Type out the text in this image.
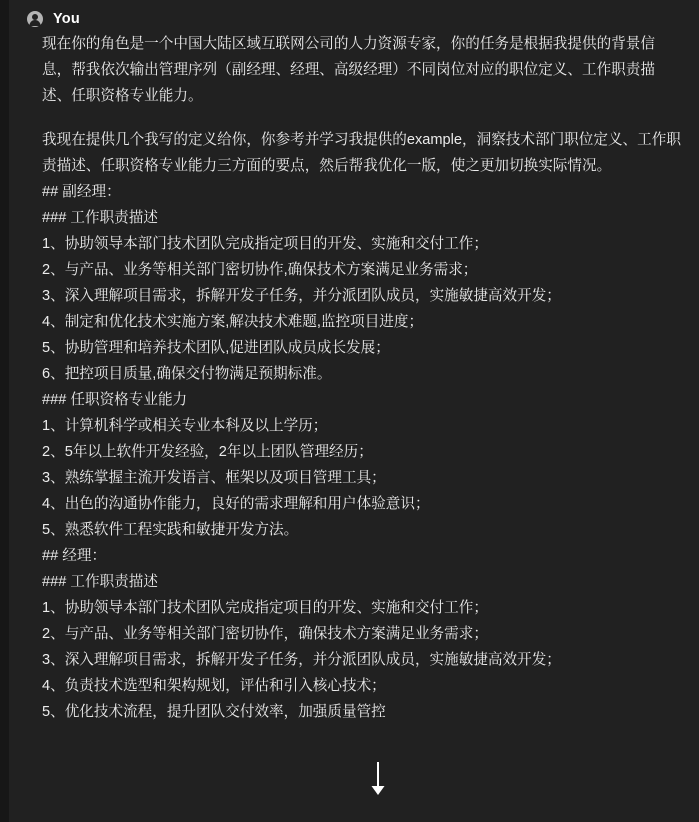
You

现在你的角色是一个中国大陆区域互联网公司的人力资源专家，你的任务是根据我提供的背景信息，帮我依次输出管理序列（副经理、经理、高级经理）不同岗位对应的职位定义、工作职责描述、任职资格专业能力。

我现在提供几个我写的定义给你，你参考并学习我提供的example，洞察技术部门职位定义、工作职责描述、任职资格专业能力三方面的要点，然后帮我优化一版，使之更加切换实际情况。

## 副经理：

### 工作职责描述

1、协助领导本部门技术团队完成指定项目的开发、实施和交付工作；

2、与产品、业务等相关部门密切协作,确保技术方案满足业务需求；

3、深入理解项目需求，拆解开发子任务，并分派团队成员，实施敏捷高效开发；

4、制定和优化技术实施方案,解决技术难题,监控项目进度；

5、协助管理和培养技术团队,促进团队成员成长发展；

6、把控项目质量,确保交付物满足预期标准。

### 任职资格专业能力

1、计算机科学或相关专业本科及以上学历；

2、5年以上软件开发经验，2年以上团队管理经历；

3、熟练掌握主流开发语言、框架以及项目管理工具；

4、出色的沟通协作能力，良好的需求理解和用户体验意识；

5、熟悉软件工程实践和敏捷开发方法。

## 经理：

### 工作职责描述

1、协助领导本部门技术团队完成指定项目的开发、实施和交付工作；

2、与产品、业务等相关部门密切协作，确保技术方案满足业务需求；

3、深入理解项目需求，拆解开发子任务，并分派团队成员，实施敏捷高效开发；

4、负责技术选型和架构规划，评估和引入核心技术；

5、优化技术流程，提升团队交付效率，加强质量管控
